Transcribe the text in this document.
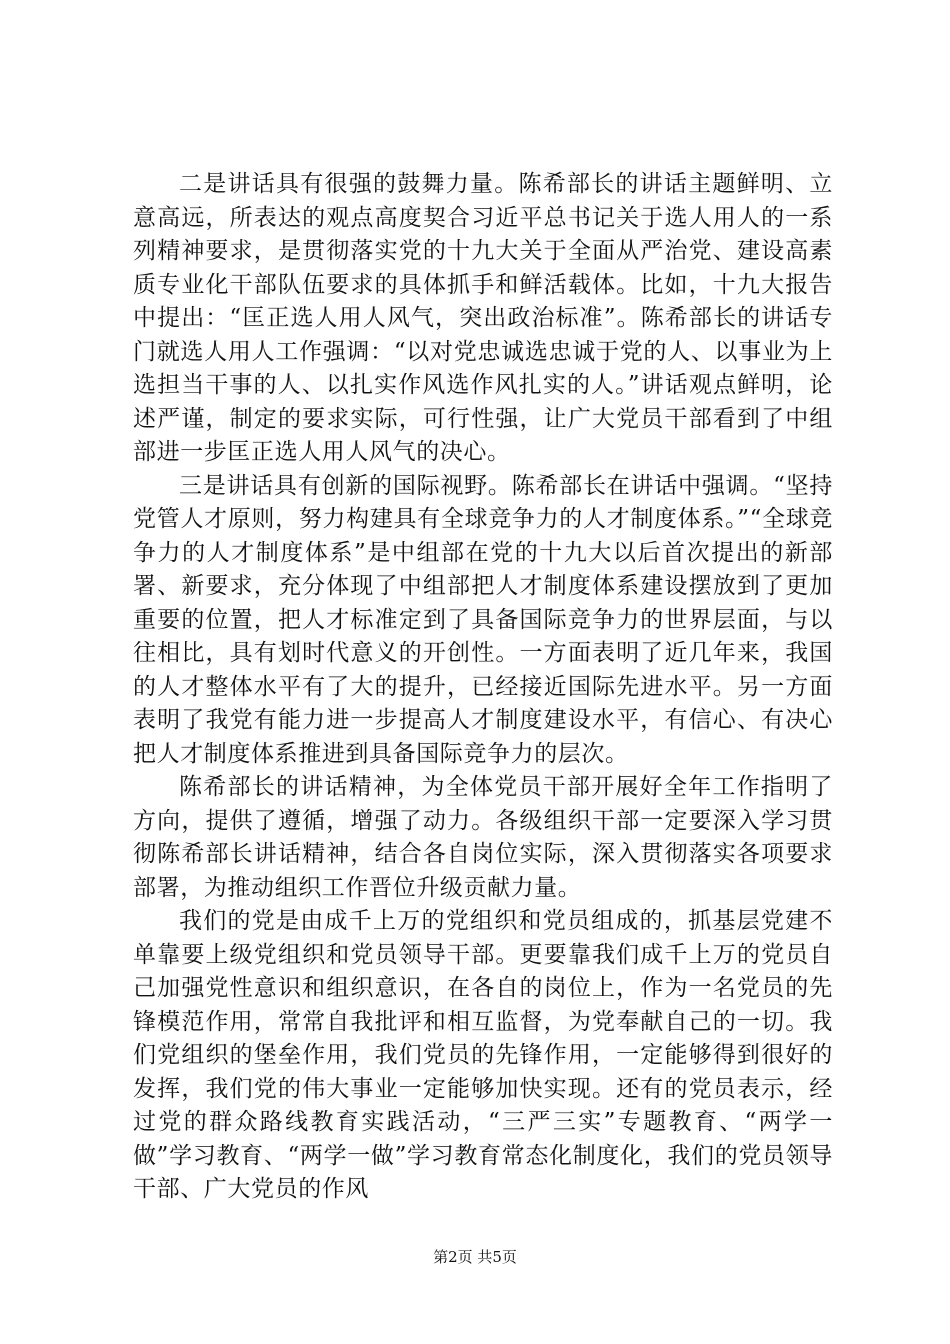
二是讲话具有很强的鼓舞力量。陈希部长的讲话主题鲜明、立意高远，所表达的观点高度契合习近平总书记关于选人用人的一系列精神要求，是贯彻落实党的十九大关于全面从严治党、建设高素质专业化干部队伍要求的具体抓手和鲜活载体。比如，十九大报告中提出：“匡正选人用人风气，突出政治标准”。陈希部长的讲话专门就选人用人工作强调：“以对党忠诚选忠诚于党的人、以事业为上选担当干事的人、以扎实作风选作风扎实的人。”讲话观点鲜明，论述严谨，制定的要求实际，可行性强，让广大党员干部看到了中组部进一步匡正选人用人风气的决心。

三是讲话具有创新的国际视野。陈希部长在讲话中强调。“坚持党管人才原则，努力构建具有全球竞争力的人才制度体系。”“全球竞争力的人才制度体系”是中组部在党的十九大以后首次提出的新部署、新要求，充分体现了中组部把人才制度体系建设摆放到了更加重要的位置，把人才标准定到了具备国际竞争力的世界层面，与以往相比，具有划时代意义的开创性。一方面表明了近几年来，我国的人才整体水平有了大的提升，已经接近国际先进水平。另一方面表明了我党有能力进一步提高人才制度建设水平，有信心、有决心把人才制度体系推进到具备国际竞争力的层次。

陈希部长的讲话精神，为全体党员干部开展好全年工作指明了方向，提供了遵循，增强了动力。各级组织干部一定要深入学习贯彻陈希部长讲话精神，结合各自岗位实际，深入贯彻落实各项要求部署，为推动组织工作晋位升级贡献力量。

我们的党是由成千上万的党组织和党员组成的，抓基层党建不单靠要上级党组织和党员领导干部。更要靠我们成千上万的党员自己加强党性意识和组织意识，在各自的岗位上，作为一名党员的先锋模范作用，常常自我批评和相互监督，为党奉献自己的一切。我们党组织的堡垒作用，我们党员的先锋作用，一定能够得到很好的发挥，我们党的伟大事业一定能够加快实现。还有的党员表示，经过党的群众路线教育实践活动，“三严三实”专题教育、“两学一做”学习教育、“两学一做”学习教育常态化制度化，我们的党员领导干部、广大党员的作风

第2页 共5页
